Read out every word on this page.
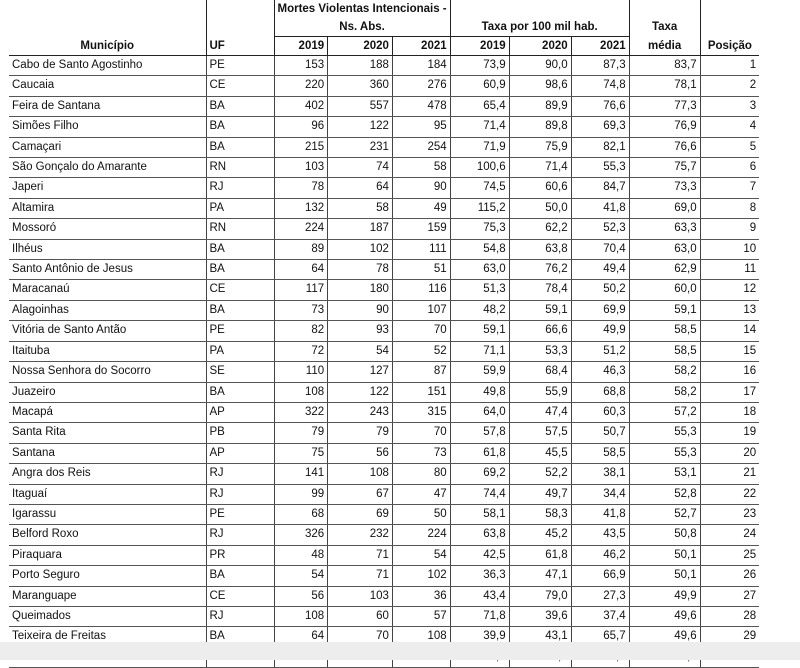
		Mortes Violentas Intencionais -							
		Ns. Abs.			Taxa por 100 mil hab.			Taxa	
Município	UF	2019	2020	2021	2019	2020	2021	média	Posição
Cabo de Santo Agostinho	PE	153	188	184	73,9	90,0	87,3	83,7	1
Caucaia	CE	220	360	276	60,9	98,6	74,8	78,1	2
Feira de Santana	BA	402	557	478	65,4	89,9	76,6	77,3	3
Simões Filho	BA	96	122	95	71,4	89,8	69,3	76,9	4
Camaçari	BA	215	231	254	71,9	75,9	82,1	76,6	5
São Gonçalo do Amarante	RN	103	74	58	100,6	71,4	55,3	75,7	6
Japeri	RJ	78	64	90	74,5	60,6	84,7	73,3	7
Altamira	PA	132	58	49	115,2	50,0	41,8	69,0	8
Mossoró	RN	224	187	159	75,3	62,2	52,3	63,3	9
Ilhéus	BA	89	102	111	54,8	63,8	70,4	63,0	10
Santo Antônio de Jesus	BA	64	78	51	63,0	76,2	49,4	62,9	11
Maracanaú	CE	117	180	116	51,3	78,4	50,2	60,0	12
Alagoinhas	BA	73	90	107	48,2	59,1	69,9	59,1	13
Vitória de Santo Antão	PE	82	93	70	59,1	66,6	49,9	58,5	14
Itaituba	PA	72	54	52	71,1	53,3	51,2	58,5	15
Nossa Senhora do Socorro	SE	110	127	87	59,9	68,4	46,3	58,2	16
Juazeiro	BA	108	122	151	49,8	55,9	68,8	58,2	17
Macapá	AP	322	243	315	64,0	47,4	60,3	57,2	18
Santa Rita	PB	79	79	70	57,8	57,5	50,7	55,3	19
Santana	AP	75	56	73	61,8	45,5	58,5	55,3	20
Angra dos Reis	RJ	141	108	80	69,2	52,2	38,1	53,1	21
Itaguaí	RJ	99	67	47	74,4	49,7	34,4	52,8	22
Igarassu	PE	68	69	50	58,1	58,3	41,8	52,7	23
Belford Roxo	RJ	326	232	224	63,8	45,2	43,5	50,8	24
Piraquara	PR	48	71	54	42,5	61,8	46,2	50,1	25
Porto Seguro	BA	54	71	102	36,3	47,1	66,9	50,1	26
Maranguape	CE	56	103	36	43,4	79,0	27,3	49,9	27
Queimados	RJ	108	60	57	71,8	39,6	37,4	49,6	28
Teixeira de Freitas	BA	64	70	108	39,9	43,1	65,7	49,6	29
